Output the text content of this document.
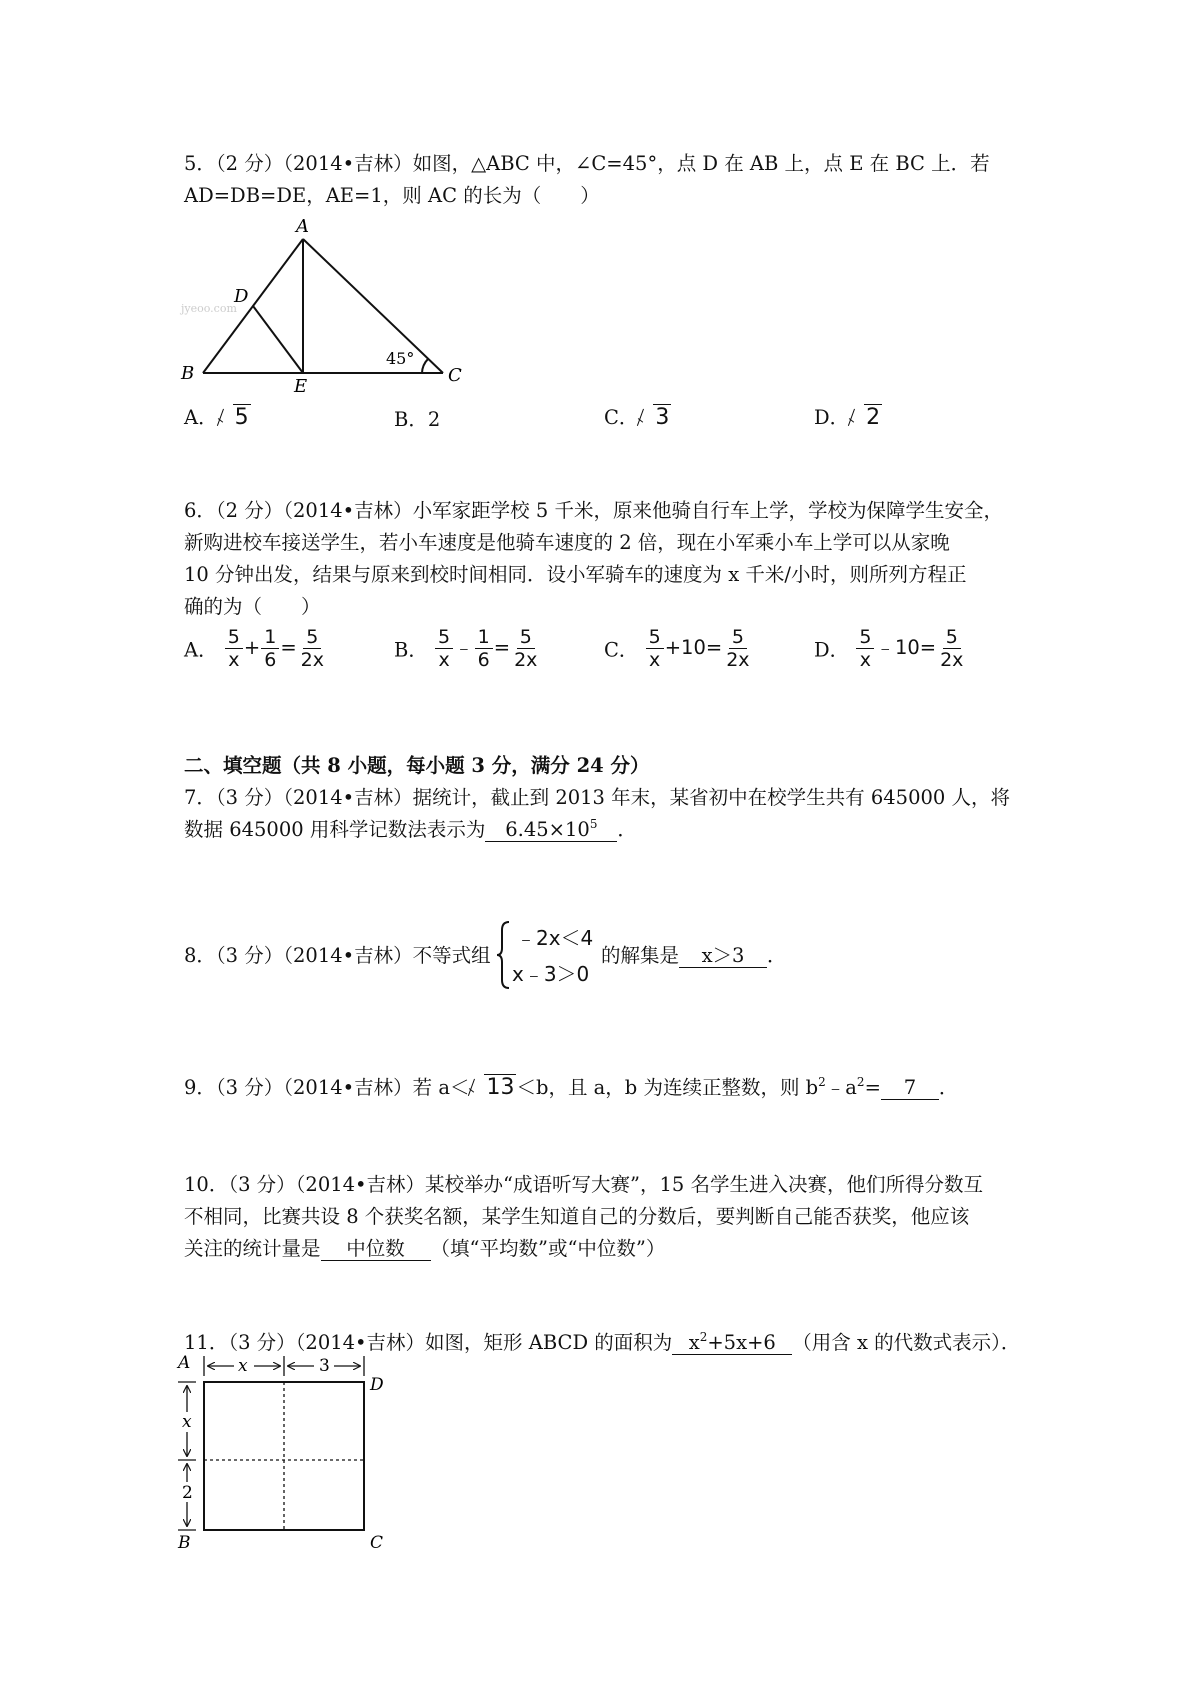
5．（2 分）（2014•吉林）如图，△ABC 中，∠C=45°，点 D 在 AB 上，点 E 在 BC 上．若
AD=DB=DE，AE=1，则 AC 的长为（　　）
A
D
B
E
C
45°
jyeoo.com
A． 5	B．2	C． 3	D． 2
6．（2 分）（2014•吉林）小军家距学校 5 千米，原来他骑自行车上学，学校为保障学生安全，
新购进校车接送学生，若小车速度是他骑车速度的 2 倍，现在小军乘小车上学可以从家晚
10 分钟出发，结果与原来到校时间相同．设小军骑车的速度为 x 千米/小时，则所列方程正
确的为（　　）
A． $\frac{5}{x} + \frac{1}{6} = \frac{5}{2x}$	B． $\frac{5}{x}$ ﹣ $\frac{1}{6} = \frac{5}{2x}$	C． $\frac{5}{x} +10= \frac{5}{2x}$	D． $\frac{5}{x}$ ﹣10= $\frac{5}{2x}$
二、填空题（共 8 小题，每小题 3 分，满分 24 分）
7．（3 分）（2014•吉林）据统计，截止到 2013 年末，某省初中在校学生共有 645000 人，将
数据 645000 用科学记数法表示为 $6.45\times 10^5$ ．
8．（3 分）（2014•吉林）不等式组
﹣2x＜4
x﹣3＞0
的解集是 x＞3 ．
9．（3 分）（2014•吉林）若 a＜ 13 ＜b，且 a，b 为连续正整数，则 $b^2﹣a^2= 7$ ．
10．（3 分）（2014•吉林）某校举办“成语听写大赛”，15 名学生进入决赛，他们所得分数互
不相同，比赛共设 8 个获奖名额，某学生知道自己的分数后，要判断自己能否获奖，他应该
关注的统计量是 中位数 （填“平均数”或“中位数”）
11．（3 分）（2014•吉林）如图，矩形 ABCD 的面积为 $x^2+5x+6$ （用含 x 的代数式表示）．
A
D
B	C
x	3
x
2
